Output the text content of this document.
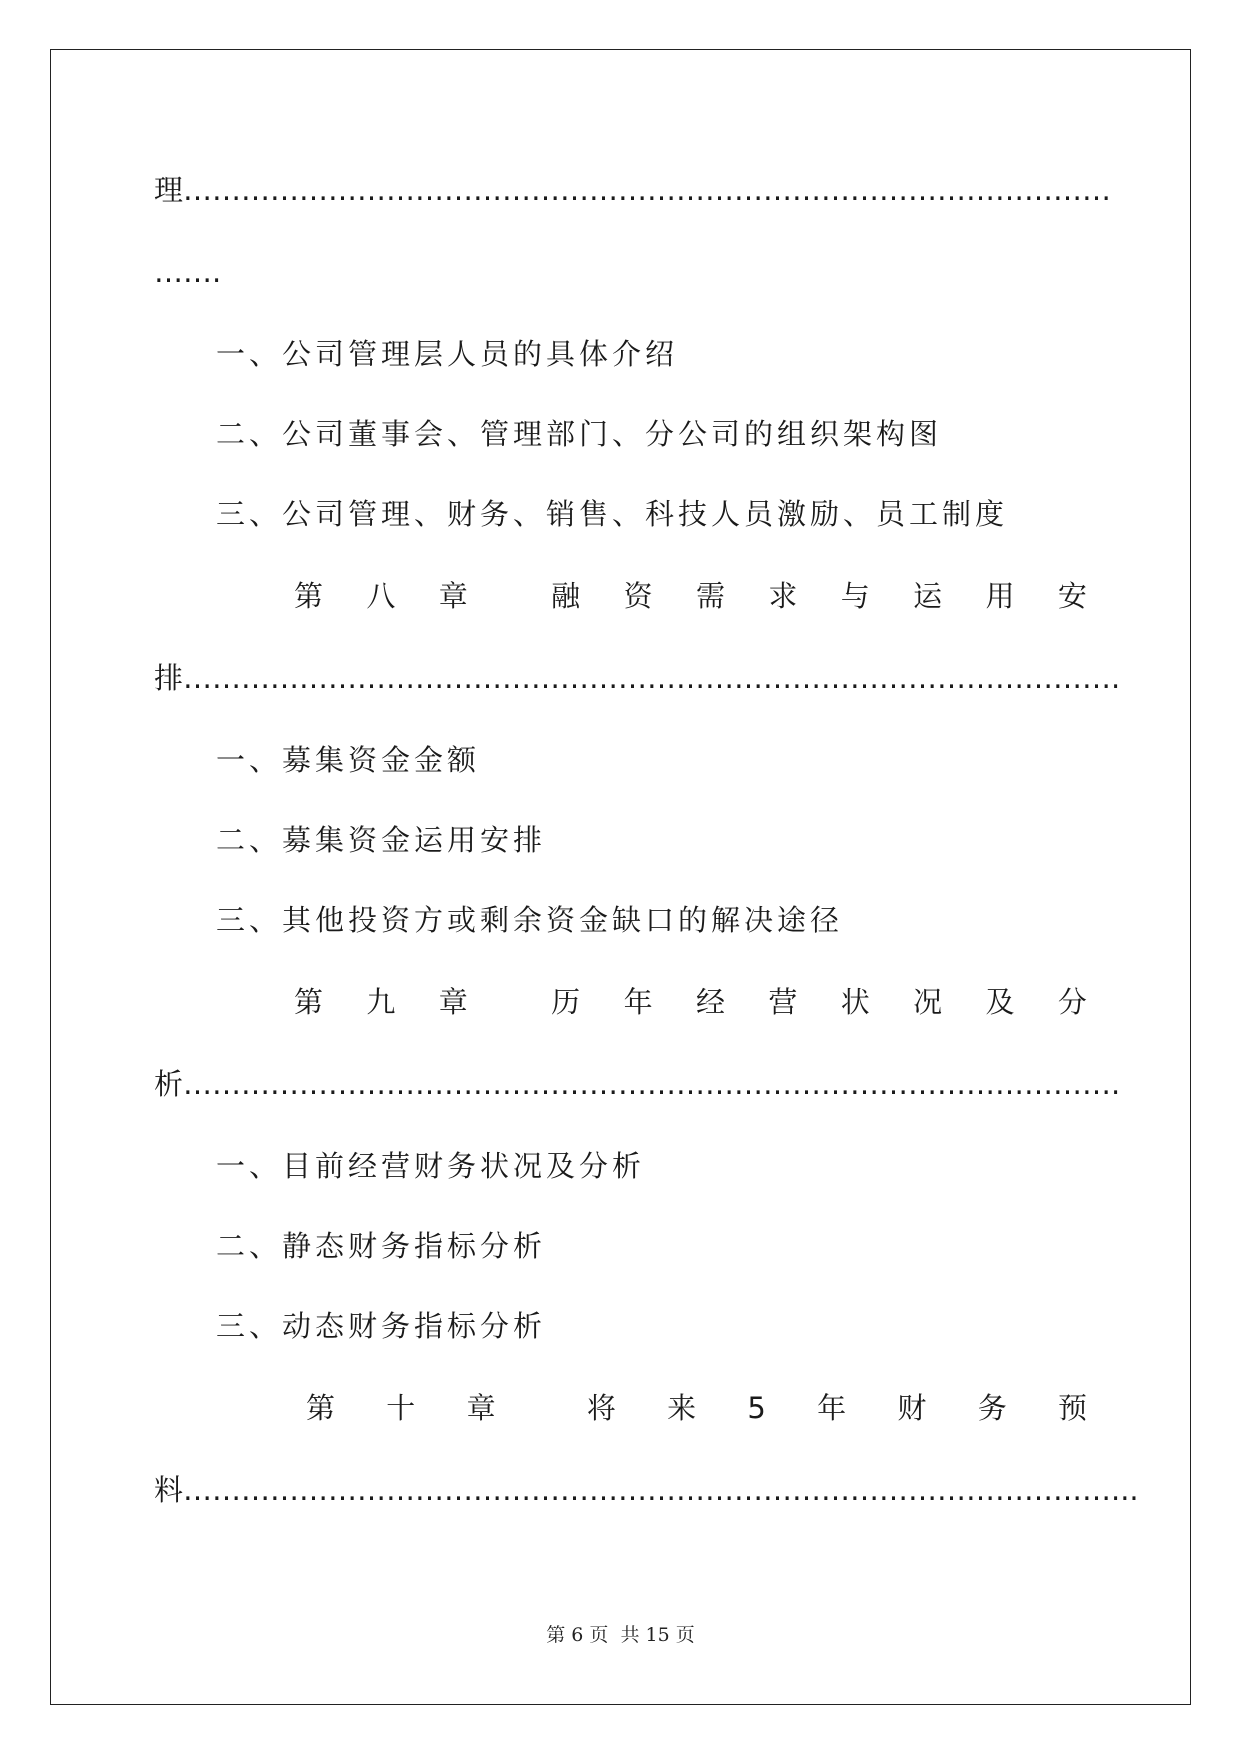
理……………………………………………………………………………………
…….
一、公司管理层人员的具体介绍
二、公司董事会、管理部门、分公司的组织架构图
三、公司管理、财务、销售、科技人员激励、员工制度
第 八 章	融 资 需 求 与 运 用 安
排…………………………………………………………………………………….
一、募集资金金额
二、募集资金运用安排
三、其他投资方或剩余资金缺口的解决途径
第 九 章	历 年 经 营 状 况 及 分
析…………………………………………………………………………………….
一、目前经营财务状况及分析
二、静态财务指标分析
三、动态财务指标分析
第 十 章	将 来 5 年 财 务 预
料……………………………………………………………………………………...
第 6 页 共 15 页
